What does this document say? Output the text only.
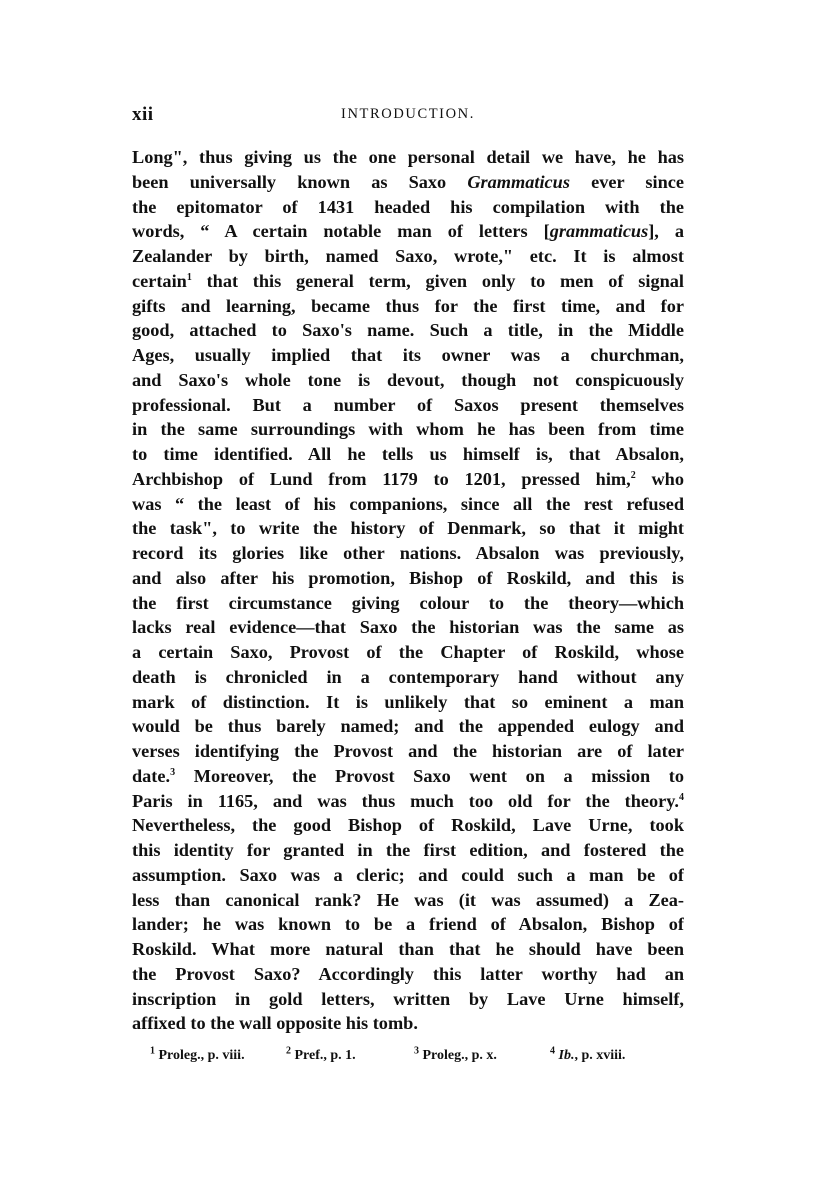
xii	INTRODUCTION.
Long", thus giving us the one personal detail we have, he has
been universally known as Saxo Grammaticus ever since
the epitomator of 1431 headed his compilation with the
words, “ A certain notable man of letters [grammaticus], a
Zealander by birth, named Saxo, wrote," etc. It is almost
certain$^1$ that this general term, given only to men of signal
gifts and learning, became thus for the first time, and for
good, attached to Saxo's name. Such a title, in the Middle
Ages, usually implied that its owner was a churchman,
and Saxo's whole tone is devout, though not conspicuously
professional. But a number of Saxos present themselves
in the same surroundings with whom he has been from time
to time identified. All he tells us himself is, that Absalon,
Archbishop of Lund from 1179 to 1201, pressed him,$^2$ who
was “ the least of his companions, since all the rest refused
the task", to write the history of Denmark, so that it might
record its glories like other nations. Absalon was previously,
and also after his promotion, Bishop of Roskild, and this is
the first circumstance giving colour to the theory—which
lacks real evidence—that Saxo the historian was the same as
a certain Saxo, Provost of the Chapter of Roskild, whose
death is chronicled in a contemporary hand without any
mark of distinction. It is unlikely that so eminent a man
would be thus barely named; and the appended eulogy and
verses identifying the Provost and the historian are of later
date.$^3$ Moreover, the Provost Saxo went on a mission to
Paris in 1165, and was thus much too old for the theory.$^4$
Nevertheless, the good Bishop of Roskild, Lave Urne, took
this identity for granted in the first edition, and fostered the
assumption. Saxo was a cleric; and could such a man be of
less than canonical rank? He was (it was assumed) a Zea-
lander; he was known to be a friend of Absalon, Bishop of
Roskild. What more natural than that he should have been
the Provost Saxo? Accordingly this latter worthy had an
inscription in gold letters, written by Lave Urne himself,
affixed to the wall opposite his tomb.
$^1$ Proleg., p. viii.	$^2$ Pref., p. 1.	$^3$ Proleg., p. x.	$^4$ Ib., p. xviii.
